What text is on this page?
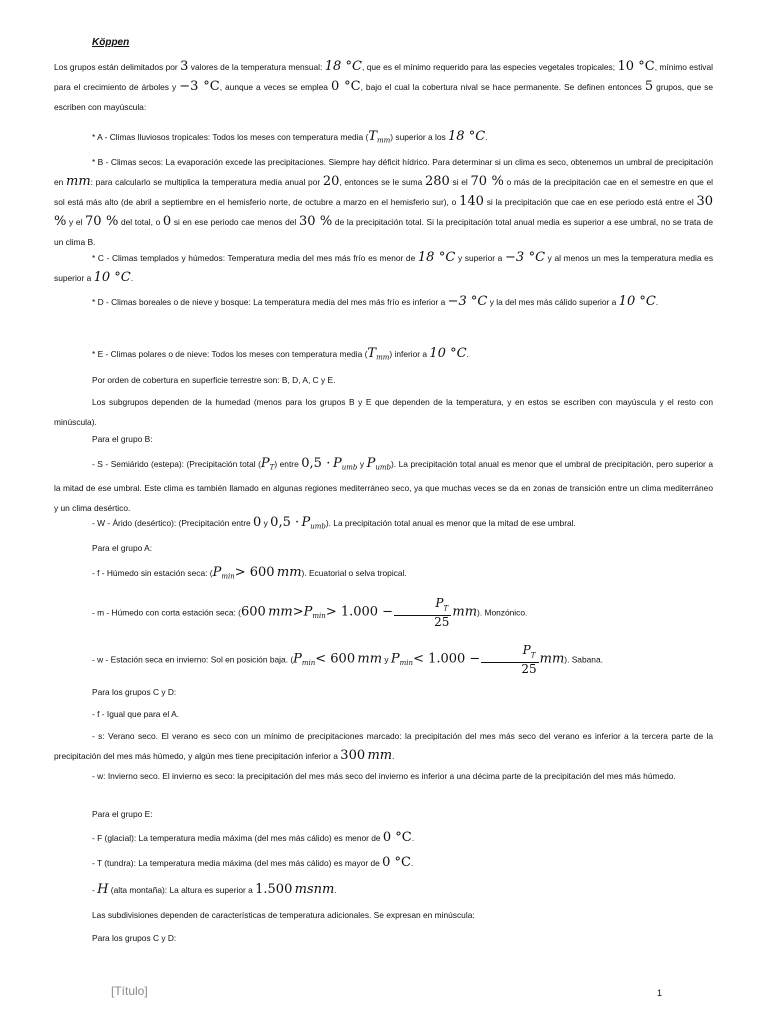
Köppen
Los grupos están delimitados por 3 valores de la temperatura mensual: 18 °C, que es el mínimo requerido para las especies vegetales tropicales; 10 °C, mínimo estival para el crecimiento de árboles y −3 °C, aunque a veces se emplea 0 °C, bajo el cual la cobertura nival se hace permanente. Se definen entonces 5 grupos, que se escriben con mayúscula:
* A - Climas lluviosos tropicales: Todos los meses con temperatura media $(T_{mm})$ superior a los 18 °C.
* B - Climas secos: La evaporación excede las precipitaciones. Siempre hay déficit hídrico. Para determinar si un clima es seco, obtenemos un umbral de precipitación en mm: para calcularlo se multiplica la temperatura media anual por 20, entonces se le suma 280 si el 70 % o más de la precipitación cae en el semestre en que el sol está más alto (de abril a septiembre en el hemisferio norte, de octubre a marzo en el hemisferio sur), o 140 si la precipitación que cae en ese periodo está entre el 30 % y el 70 % del total, o 0 si en ese periodo cae menos del 30 % de la precipitación total. Si la precipitación total anual media es superior a ese umbral, no se trata de un clima B.
* C - Climas templados y húmedos: Temperatura media del mes más frío es menor de 18 °C y superior a −3 °C y al menos un mes la temperatura media es superior a 10 °C.
* D - Climas boreales o de nieve y bosque: La temperatura media del mes más frío es inferior a −3 °C y la del mes más cálido superior a 10 °C.
* E - Climas polares o de nieve: Todos los meses con temperatura media $(T_{mm})$ inferior a 10 °C.
Por orden de cobertura en superficie terrestre son: B, D, A, C y E.
Los subgrupos dependen de la humedad (menos para los grupos B y E que dependen de la temperatura, y en estos se escriben con mayúscula y el resto con minúscula).
Para el grupo B:
- S - Semiárido (estepa): (Precipitación total $(P_T)$ entre $0,5 \cdot P_{umb}$ y $P_{umb}$). La precipitación total anual es menor que el umbral de precipitación, pero superior a la mitad de ese umbral. Este clima es también llamado en algunas regiones mediterráneo seco, ya que muchas veces se da en zonas de transición entre un clima mediterráneo y un clima desértico.
- W - Árido (desértico): (Precipitación entre 0 y $0,5 \cdot P_{umb}$). La precipitación total anual es menor que la mitad de ese umbral.
Para el grupo A:
- f - Húmedo sin estación seca: ($P_{min}> 600$ mm). Ecuatorial o selva tropical.
- m - Húmedo con corta estación seca: (600 $mm>P_{min}> 1.000 - \frac{P_T}{25} mm$). Monzónico.
- w - Estación seca en invierno: Sol en posición baja. ($P_{min}< 600$ mm y $P_{min}< 1.000 - \frac{P_T}{25} mm$). Sabana.
Para los grupos C y D:
- f - Igual que para el A.
- s: Verano seco. El verano es seco con un mínimo de precipitaciones marcado: la precipitación del mes más seco del verano es inferior a la tercera parte de la precipitación del mes más húmedo, y algún mes tiene precipitación inferior a 300 mm.
- w: Invierno seco. El invierno es seco: la precipitación del mes más seco del invierno es inferior a una décima parte de la precipitación del mes más húmedo.
Para el grupo E:
- F (glacial): La temperatura media máxima (del mes más cálido) es menor de 0 °C.
- T (tundra): La temperatura media máxima (del mes más cálido) es mayor de 0 °C.
- H (alta montaña): La altura es superior a 1.500 msnm.
Las subdivisiones dependen de características de temperatura adicionales. Se expresan en minúscula:
Para los grupos C y D:
[Título]	1
